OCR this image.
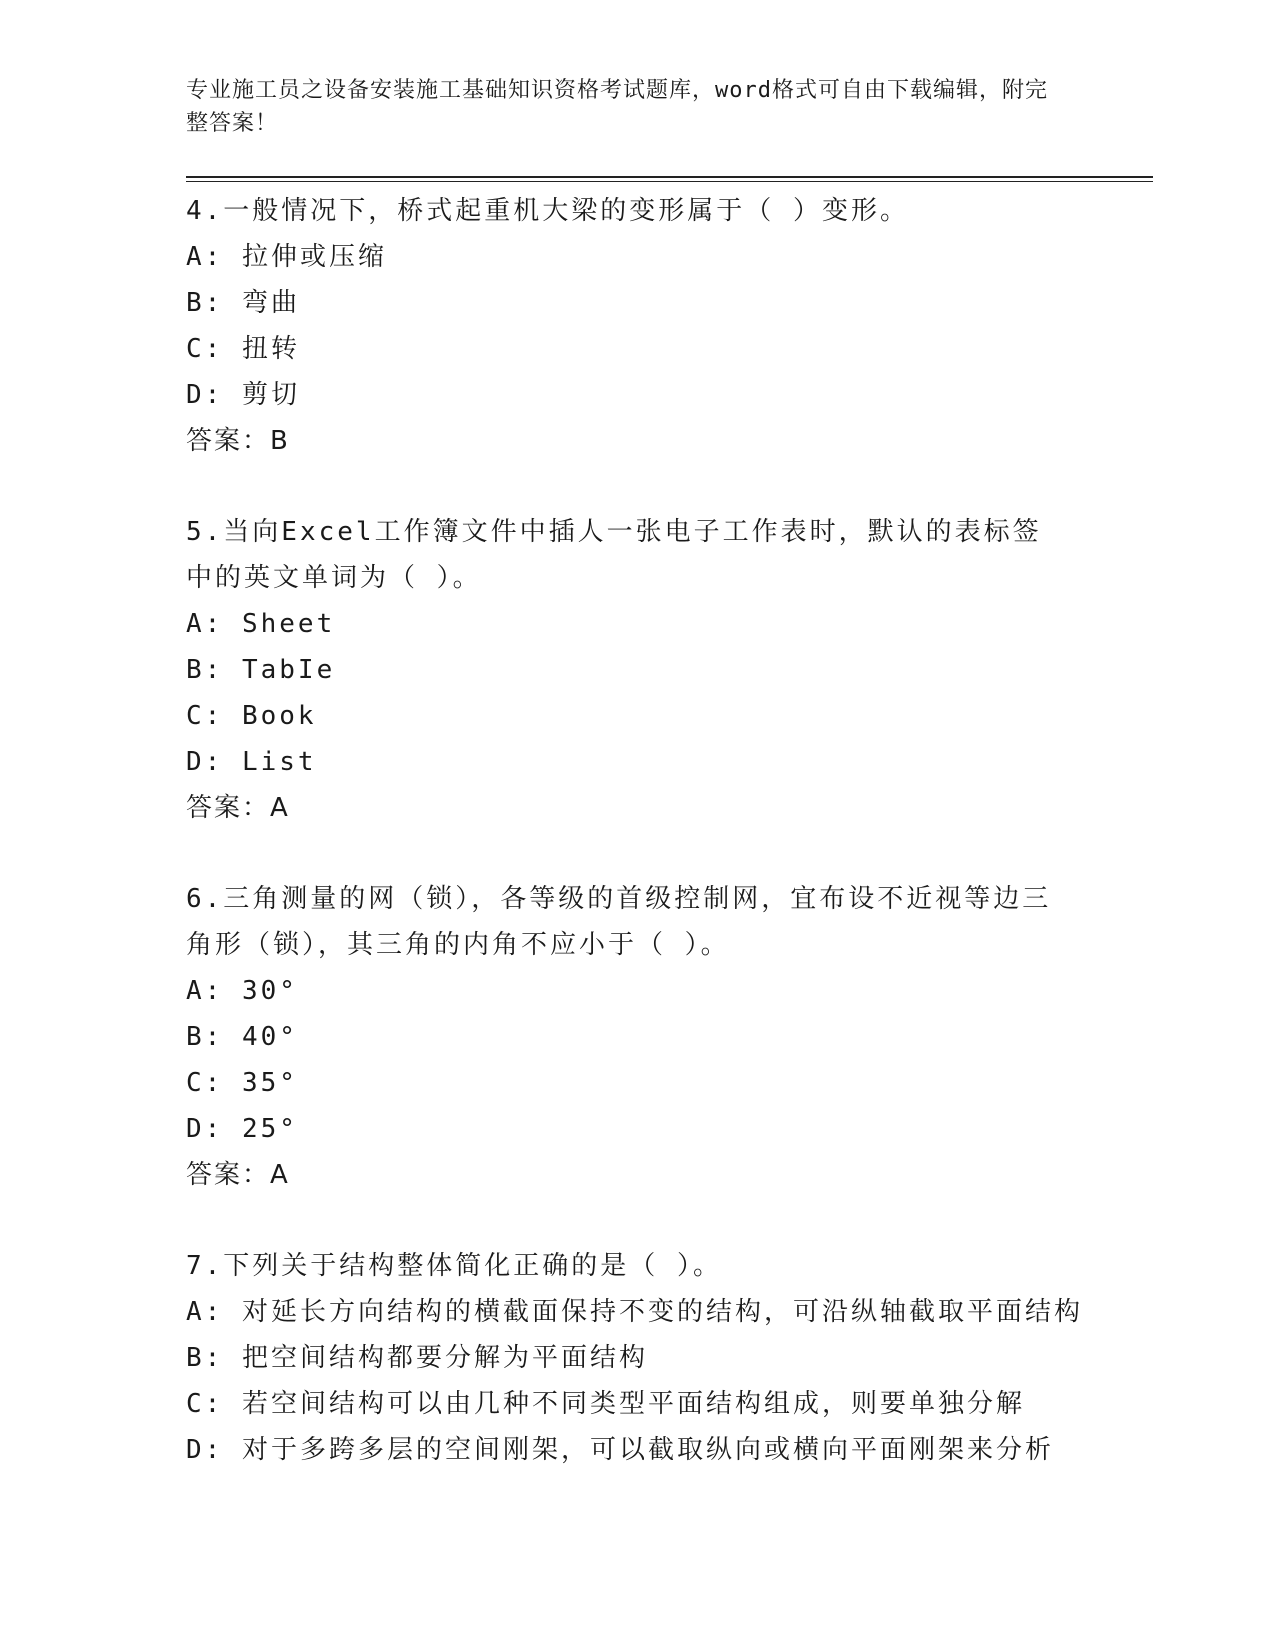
专业施工员之设备安装施工基础知识资格考试题库，word格式可自由下载编辑，附完整答案！
4.一般情况下，桥式起重机大梁的变形属于（ ）变形。
A: 拉伸或压缩
B: 弯曲
C: 扭转
D: 剪切
答案：B
5.当向Excel工作簿文件中插人一张电子工作表时，默认的表标签中的英文单词为（ ）。
A: Sheet
B: TabIe
C: Book
D: List
答案：A
6.三角测量的网（锁），各等级的首级控制网，宜布设不近视等边三角形（锁），其三角的内角不应小于（ ）。
A: 30°
B: 40°
C: 35°
D: 25°
答案：A
7.下列关于结构整体简化正确的是（ ）。
A: 对延长方向结构的横截面保持不变的结构，可沿纵轴截取平面结构
B: 把空间结构都要分解为平面结构
C: 若空间结构可以由几种不同类型平面结构组成，则要单独分解
D: 对于多跨多层的空间刚架，可以截取纵向或横向平面刚架来分析
